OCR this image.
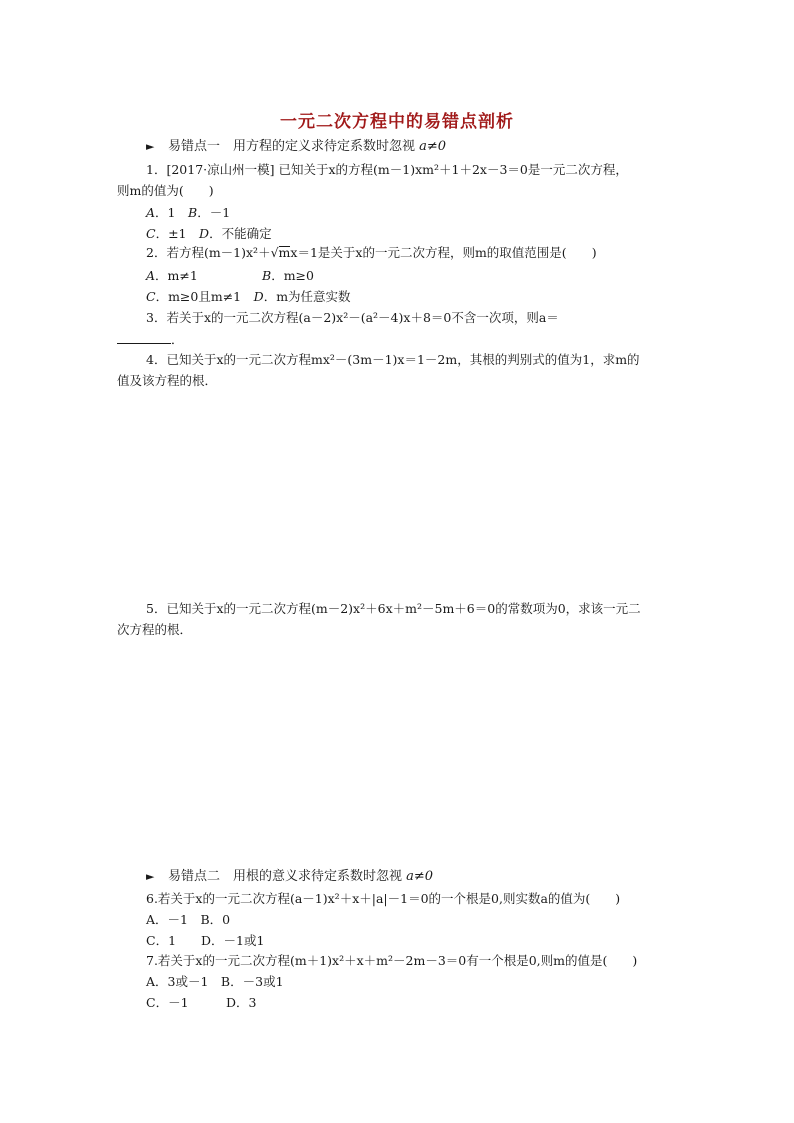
一元二次方程中的易错点剖析
► 易错点一　用方程的定义求待定系数时忽视 a≠0
1．[2017·凉山州一模] 已知关于x的方程(m－1)xm²＋1＋2x－3＝0是一元二次方程，
则m的值为(　　)
A．1　 B．－1
C．±1　 D．不能确定
2．若方程(m－1)x²＋√mx＝1是关于x的一元二次方程，则m的取值范围是(　　)
A．m≠1	B．m≥0
C．m≥0且m≠1　 D．m为任意实数
3．若关于x的一元二次方程(a－2)x²－(a²－4)x＋8＝0不含一次项，则a＝
．
4．已知关于x的一元二次方程mx²－(3m－1)x＝1－2m，其根的判别式的值为1，求m的
值及该方程的根．
5．已知关于x的一元二次方程(m－2)x²＋6x＋m²－5m＋6＝0的常数项为0，求该一元二
次方程的根．
► 易错点二　用根的意义求待定系数时忽视 a≠0
6.若关于x的一元二次方程(a－1)x²＋x＋|a|－1＝0的一个根是0,则实数a的值为(　　)
A．－1　B．0
C．1　　D．－1或1
7.若关于x的一元二次方程(m＋1)x²＋x＋m²－2m－3＝0有一个根是0,则m的值是(　　)
A．3或－1　B．－3或1
C．－1　　　D．3
